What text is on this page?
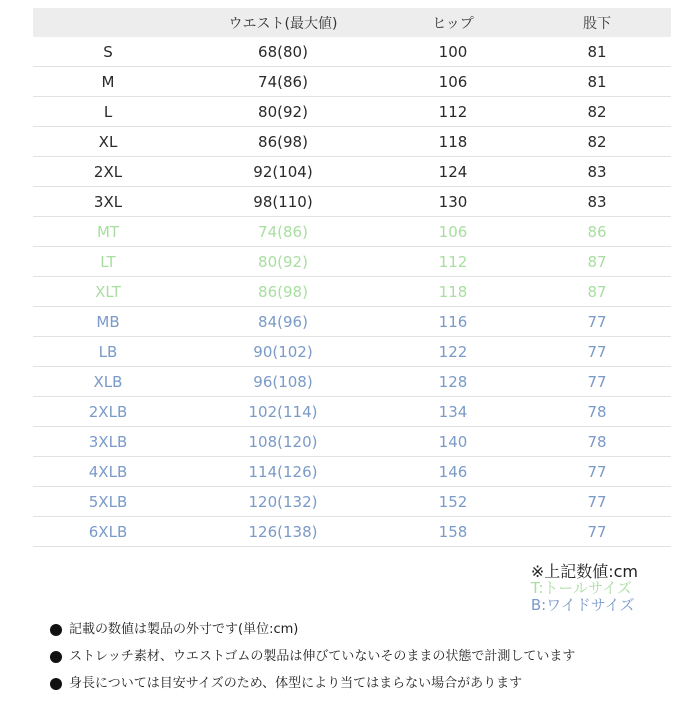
	ウエスト(最大値)	ヒップ	股下
S	68(80)	100	81
M	74(86)	106	81
L	80(92)	112	82
XL	86(98)	118	82
2XL	92(104)	124	83
3XL	98(110)	130	83
MT	74(86)	106	86
LT	80(92)	112	87
XLT	86(98)	118	87
MB	84(96)	116	77
LB	90(102)	122	77
XLB	96(108)	128	77
2XLB	102(114)	134	78
3XLB	108(120)	140	78
4XLB	114(126)	146	77
5XLB	120(132)	152	77
6XLB	126(138)	158	77
※上記数値:cm
T:トールサイズ
B:ワイドサイズ
記載の数値は製品の外寸です(単位:cm)
ストレッチ素材、ウエストゴムの製品は伸びていないそのままの状態で計測しています
身長については目安サイズのため、体型により当てはまらない場合があります
